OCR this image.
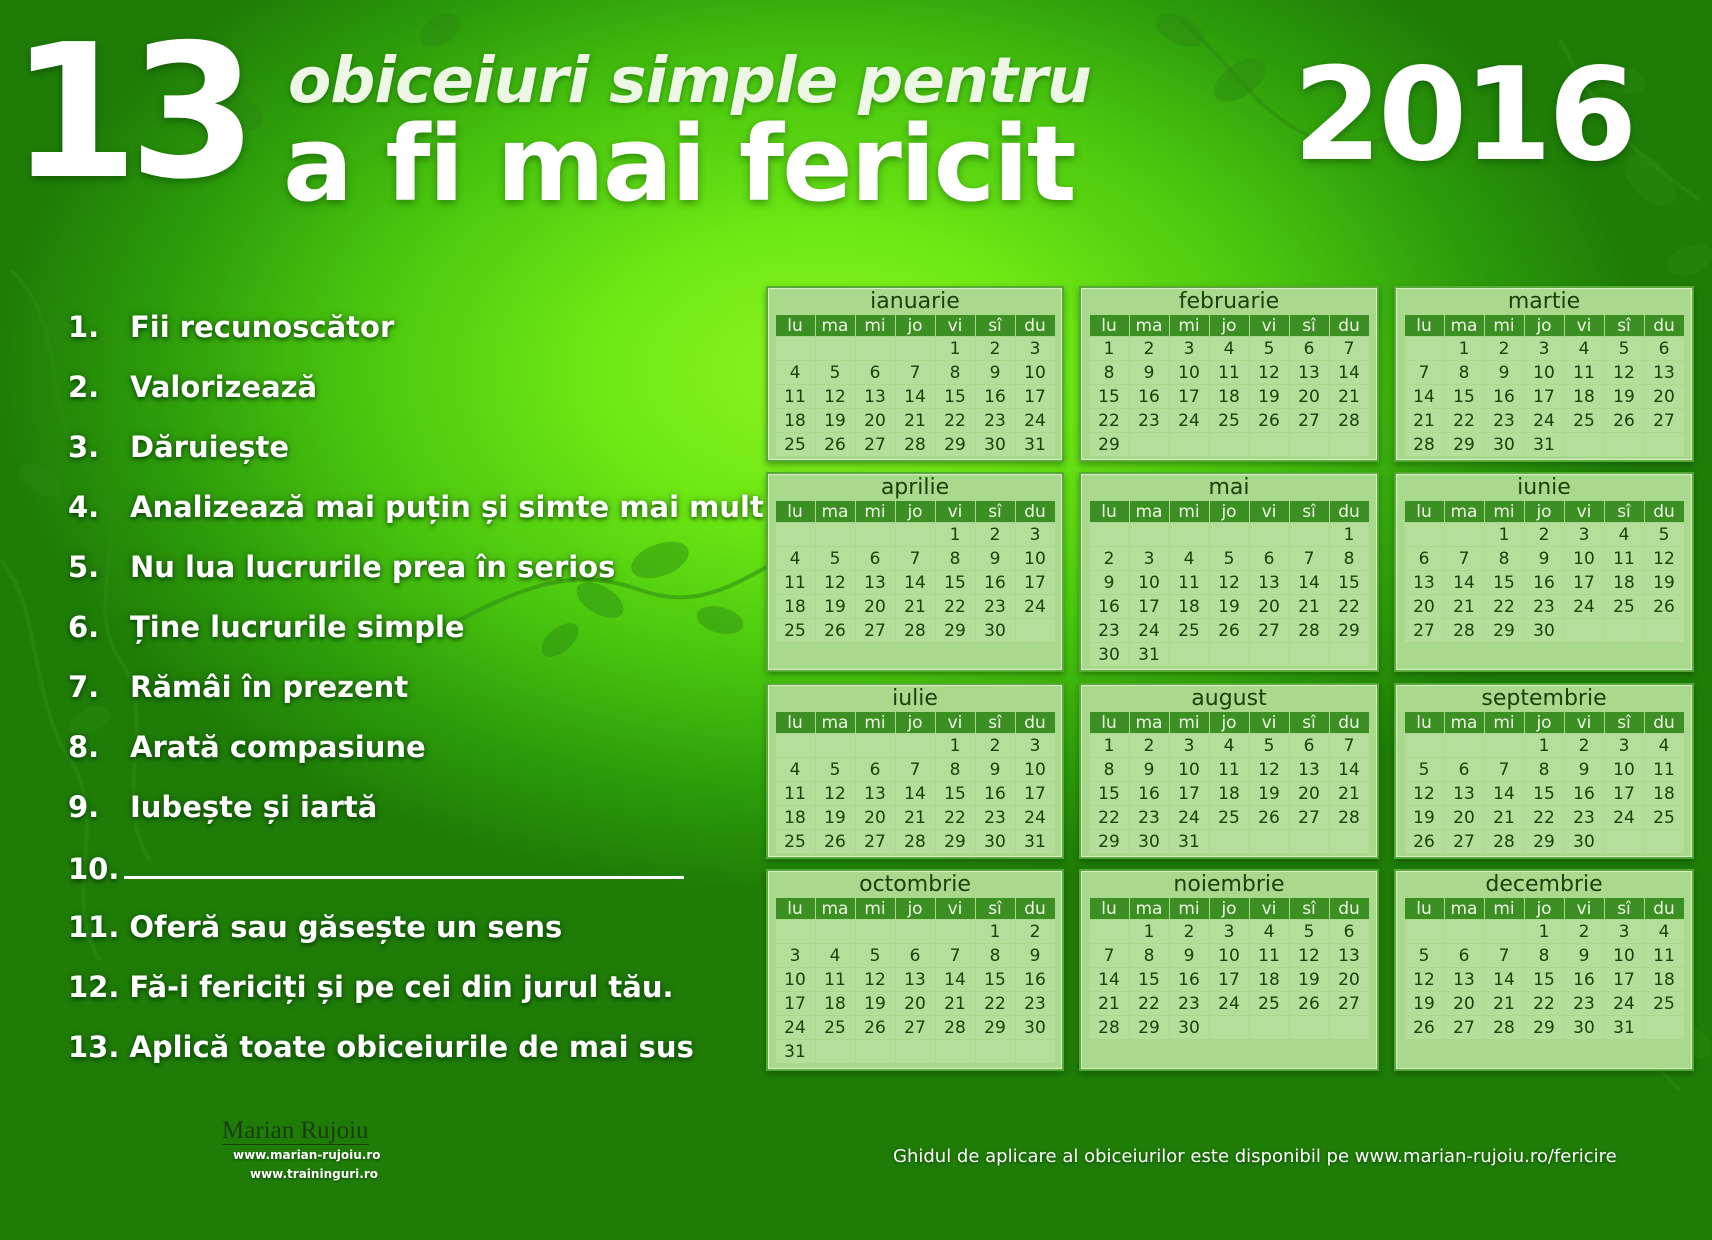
13 obiceiuri simple pentru
a fi mai fericit 2016
1. Fii recunoscător
2. Valorizează
3. Dăruiește
4. Analizează mai puțin și simte mai mult
5. Nu lua lucrurile prea în serios
6. Ține lucrurile simple
7. Rămâi în prezent
8. Arată compasiune
9. Iubește și iartă
10.
11. Oferă sau găsește un sens
12. Fă-i fericiți și pe cei din jurul tău.
13. Aplică toate obiceiurile de mai sus
ianuarie
lu	ma	mi	jo	vi	sî	du
				1	2	3
4	5	6	7	8	9	10
11	12	13	14	15	16	17
18	19	20	21	22	23	24
25	26	27	28	29	30	31
februarie
lu	ma	mi	jo	vi	sî	du
1	2	3	4	5	6	7
8	9	10	11	12	13	14
15	16	17	18	19	20	21
22	23	24	25	26	27	28
29						
martie
lu	ma	mi	jo	vi	sî	du
	1	2	3	4	5	6
7	8	9	10	11	12	13
14	15	16	17	18	19	20
21	22	23	24	25	26	27
28	29	30	31			
aprilie
lu	ma	mi	jo	vi	sî	du
				1	2	3
4	5	6	7	8	9	10
11	12	13	14	15	16	17
18	19	20	21	22	23	24
25	26	27	28	29	30	
mai
lu	ma	mi	jo	vi	sî	du
						1
2	3	4	5	6	7	8
9	10	11	12	13	14	15
16	17	18	19	20	21	22
23	24	25	26	27	28	29
30	31					
iunie
lu	ma	mi	jo	vi	sî	du
		1	2	3	4	5
6	7	8	9	10	11	12
13	14	15	16	17	18	19
20	21	22	23	24	25	26
27	28	29	30			
iulie
lu	ma	mi	jo	vi	sî	du
				1	2	3
4	5	6	7	8	9	10
11	12	13	14	15	16	17
18	19	20	21	22	23	24
25	26	27	28	29	30	31
august
lu	ma	mi	jo	vi	sî	du
1	2	3	4	5	6	7
8	9	10	11	12	13	14
15	16	17	18	19	20	21
22	23	24	25	26	27	28
29	30	31				
septembrie
lu	ma	mi	jo	vi	sî	du
			1	2	3	4
5	6	7	8	9	10	11
12	13	14	15	16	17	18
19	20	21	22	23	24	25
26	27	28	29	30		
octombrie
lu	ma	mi	jo	vi	sî	du
					1	2
3	4	5	6	7	8	9
10	11	12	13	14	15	16
17	18	19	20	21	22	23
24	25	26	27	28	29	30
31						
noiembrie
lu	ma	mi	jo	vi	sî	du
	1	2	3	4	5	6
7	8	9	10	11	12	13
14	15	16	17	18	19	20
21	22	23	24	25	26	27
28	29	30				
decembrie
lu	ma	mi	jo	vi	sî	du
			1	2	3	4
5	6	7	8	9	10	11
12	13	14	15	16	17	18
19	20	21	22	23	24	25
26	27	28	29	30	31	
Marian Rujoiu
www.marian-rujoiu.ro
www.traininguri.ro
Ghidul de aplicare al obiceiurilor este disponibil pe www.marian-rujoiu.ro/fericire
